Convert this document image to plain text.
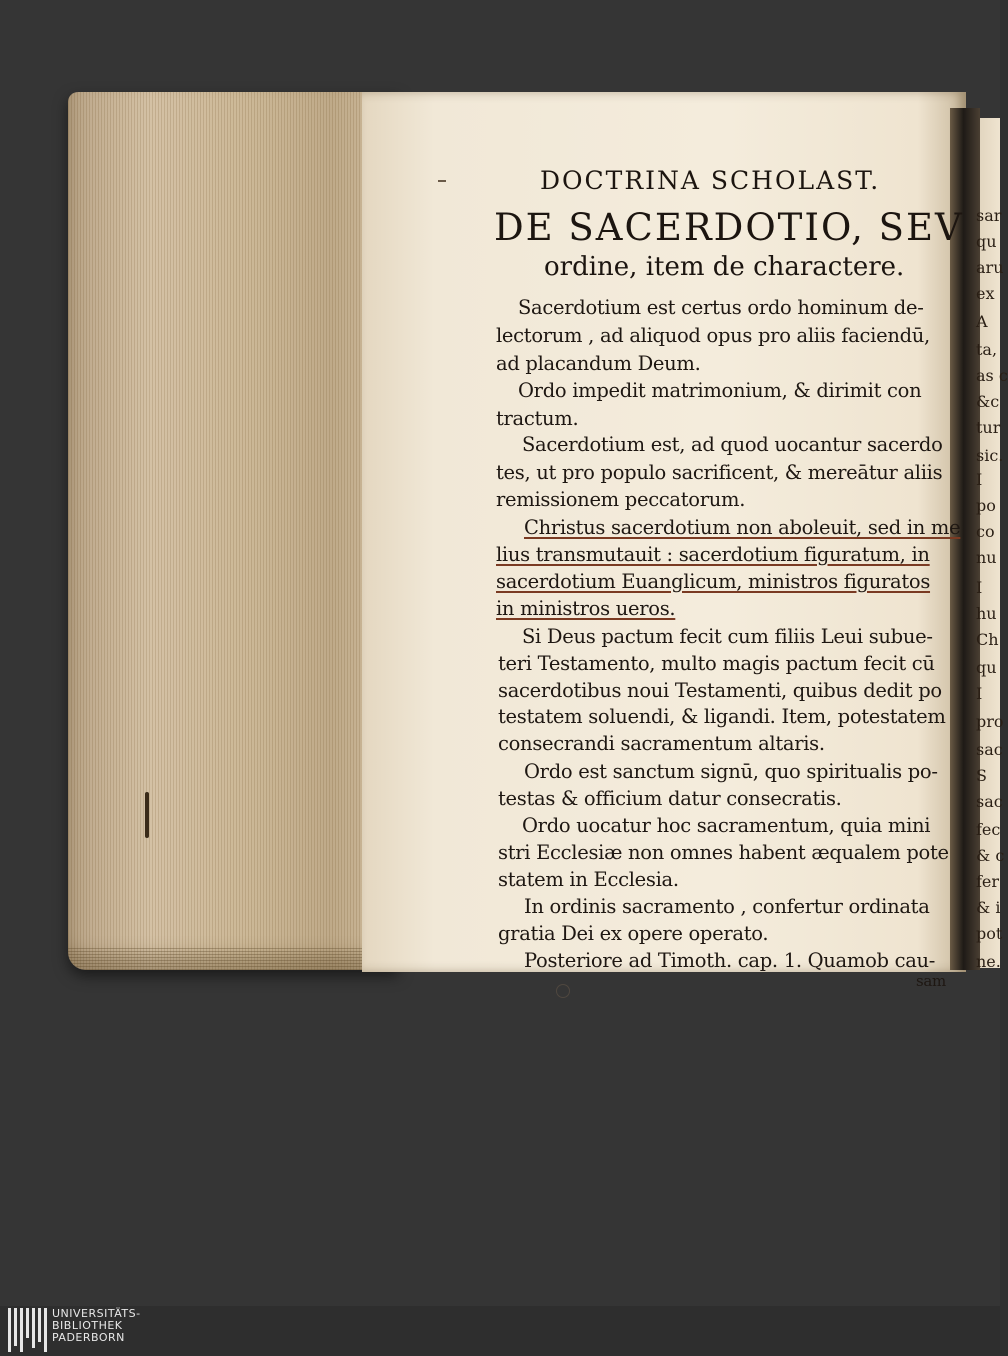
DOCTRINA SCHOLAST.
DE SACERDOTIO, SEV
ordine, item de charactere.
Sacerdotium est certus ordo hominum de-
lectorum , ad aliquod opus pro aliis faciendū,
ad placandum Deum.
Ordo impedit matrimonium, & dirimit con
tractum.
Sacerdotium est, ad quod uocantur sacerdo
tes, ut pro populo sacrificent, & mereātur aliis
remissionem peccatorum.
Christus sacerdotium non aboleuit, sed in me
lius transmutauit : sacerdotium figuratum, in
sacerdotium Euanglicum, ministros figuratos
in ministros ueros.
Si Deus pactum fecit cum filiis Leui subue-
teri Testamento, multo magis pactum fecit cū
sacerdotibus noui Testamenti, quibus dedit po
testatem soluendi, & ligandi. Item, potestatem
consecrandi sacramentum altaris.
Ordo est sanctum signū, quo spiritualis po-
testas & officium datur consecratis.
Ordo uocatur hoc sacramentum, quia mini
stri Ecclesiæ non omnes habent æqualem pote
statem in Ecclesia.
In ordinis sacramento , confertur ordinata
gratia Dei ex opere operato.
Posteriore ad Timoth. cap. 1. Quamob cau-
sam
sar
qu
aru
ex
A
ta,
as c
&c
tur
sic.
I
po
co
nu
I
hu
Ch
qu
I
pro
sac
S
sac
fec
& c
fer
& i
pot
ne.
UNIVERSITÄTS-
BIBLIOTHEK
PADERBORN
